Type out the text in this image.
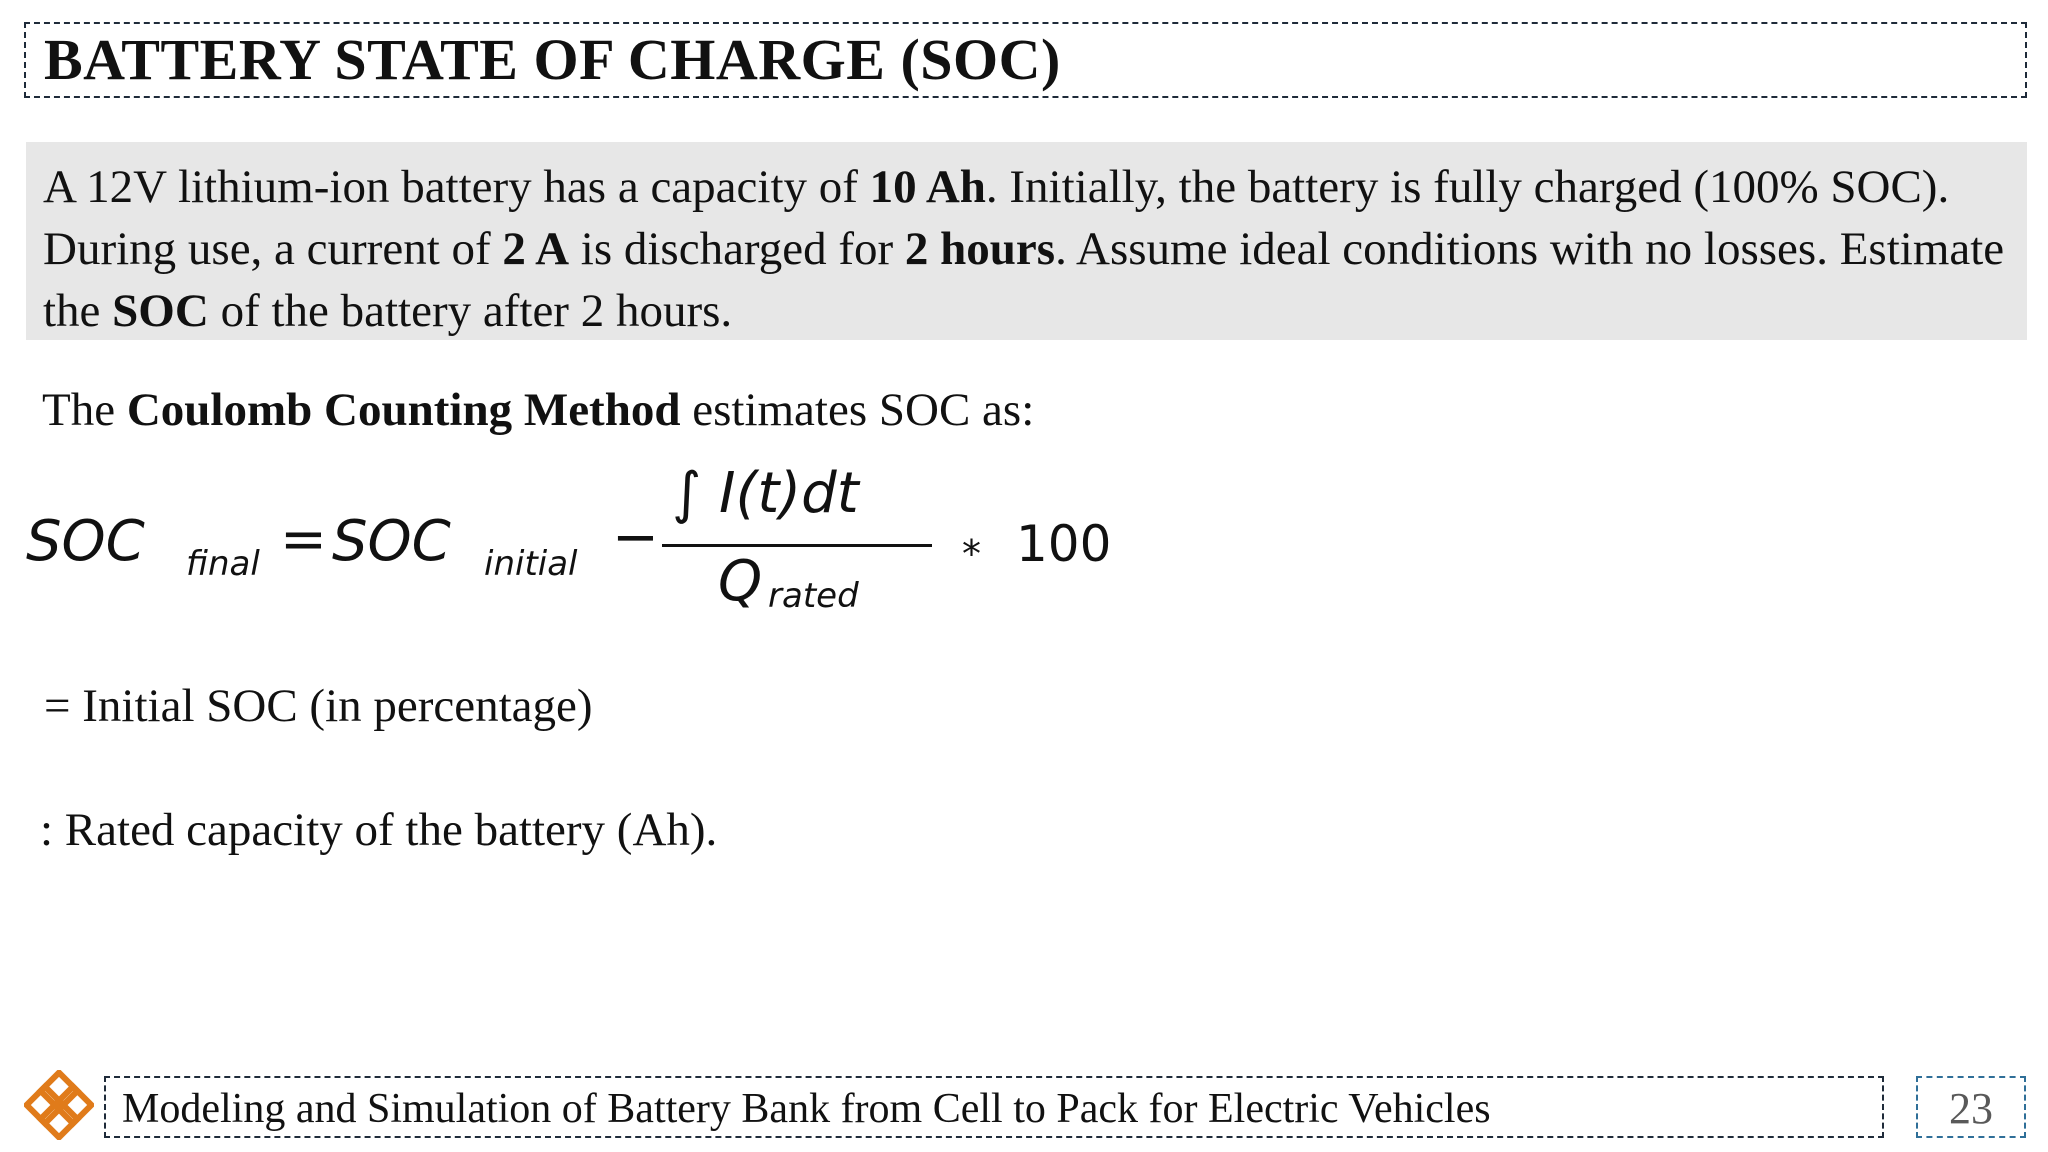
BATTERY STATE OF CHARGE (SOC)
A 12V lithium-ion battery has a capacity of 10 Ah. Initially, the battery is fully charged (100% SOC). During use, a current of 2 A is discharged for 2 hours. Assume ideal conditions with no losses. Estimate the SOC of the battery after 2 hours.
The Coulomb Counting Method estimates SOC as:
SOC final = SOC initial −
∫ I(t)dt
Q rated
* 100
= Initial SOC (in percentage)
: Rated capacity of the battery (Ah).
Modeling and Simulation of Battery Bank from Cell to Pack for Electric Vehicles	23
